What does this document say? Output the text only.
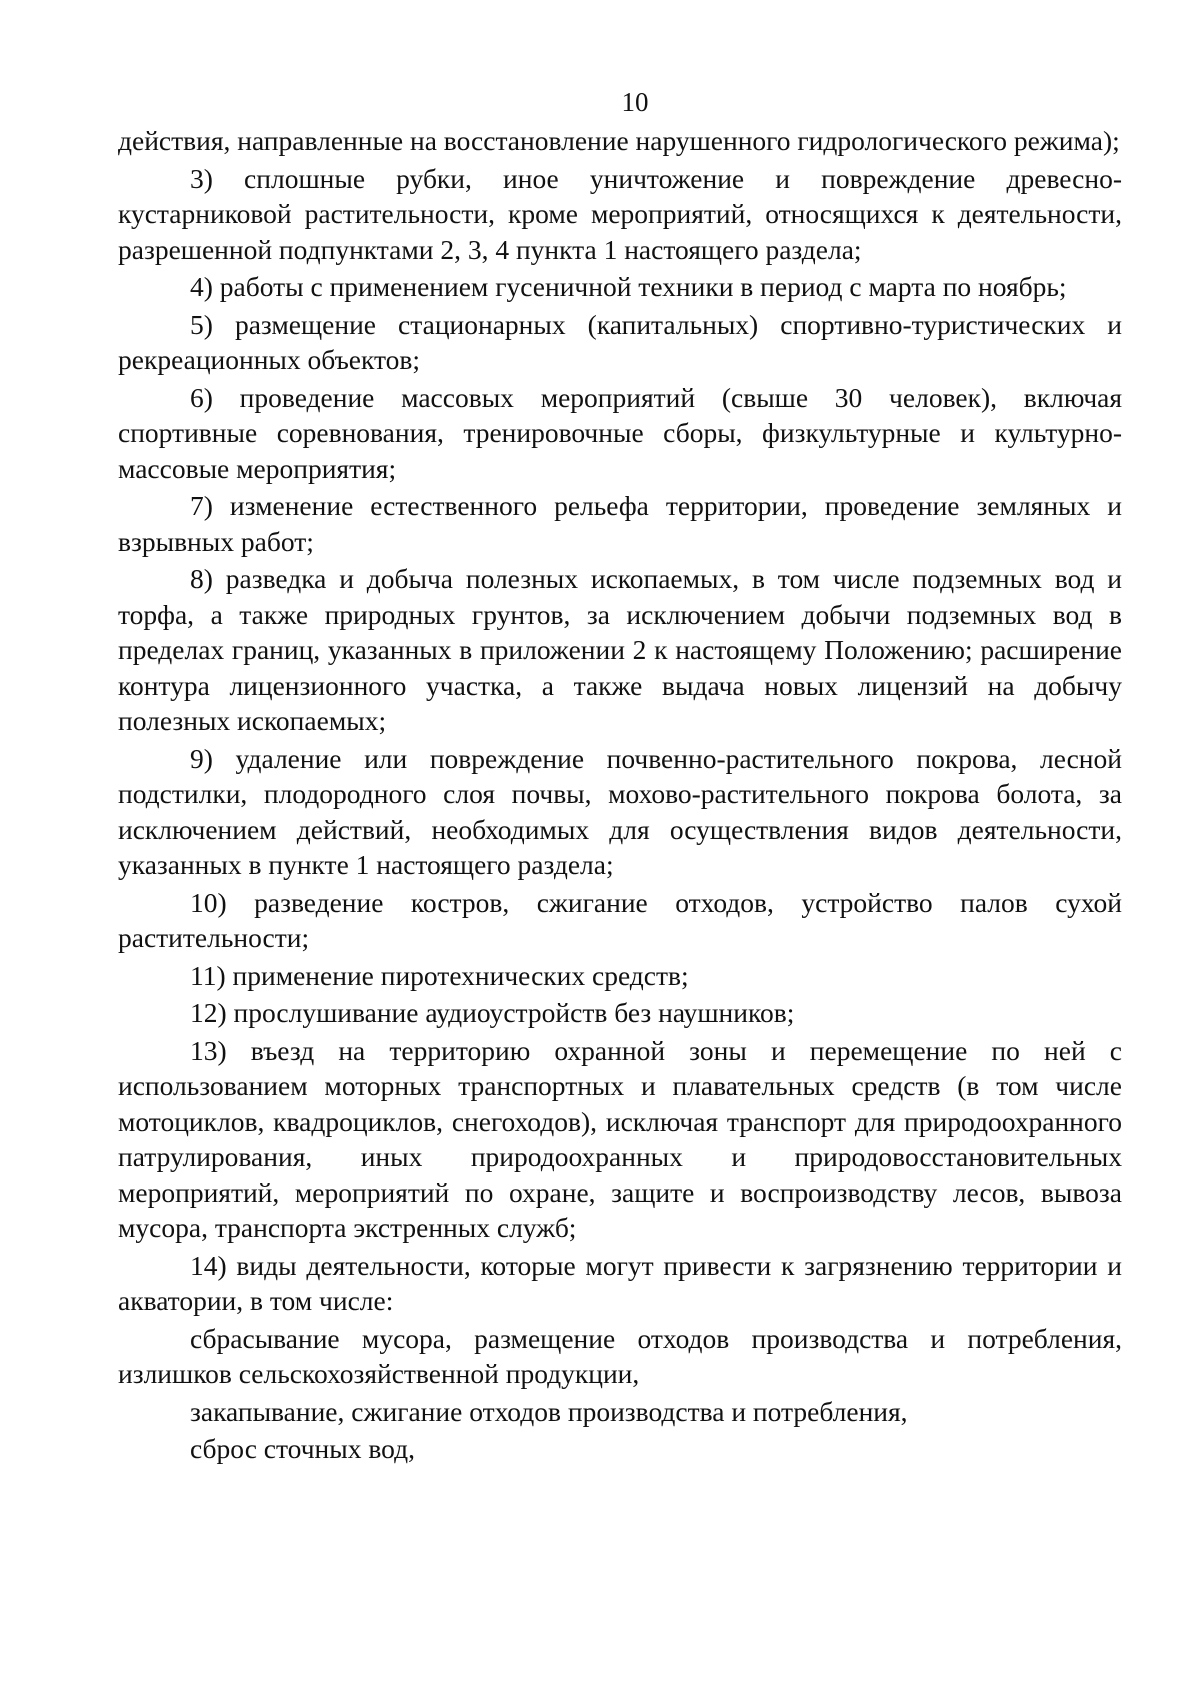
10

действия, направленные на восстановление нарушенного гидрологического режима);

3) сплошные рубки, иное уничтожение и повреждение древесно-кустарниковой растительности, кроме мероприятий, относящихся к деятельности, разрешенной подпунктами 2, 3, 4 пункта 1 настоящего раздела;

4) работы с применением гусеничной техники в период с марта по ноябрь;

5) размещение стационарных (капитальных) спортивно-туристических и рекреационных объектов;

6) проведение массовых мероприятий (свыше 30 человек), включая спортивные соревнования, тренировочные сборы, физкультурные и культурно-массовые мероприятия;

7) изменение естественного рельефа территории, проведение земляных и взрывных работ;

8) разведка и добыча полезных ископаемых, в том числе подземных вод и торфа, а также природных грунтов, за исключением добычи подземных вод в пределах границ, указанных в приложении 2 к настоящему Положению; расширение контура лицензионного участка, а также выдача новых лицензий на добычу полезных ископаемых;

9) удаление или повреждение почвенно-растительного покрова, лесной подстилки, плодородного слоя почвы, мохово-растительного покрова болота, за исключением действий, необходимых для осуществления видов деятельности, указанных в пункте 1 настоящего раздела;

10) разведение костров, сжигание отходов, устройство палов сухой растительности;

11) применение пиротехнических средств;

12) прослушивание аудиоустройств без наушников;

13) въезд на территорию охранной зоны и перемещение по ней с использованием моторных транспортных и плавательных средств (в том числе мотоциклов, квадроциклов, снегоходов), исключая транспорт для природоохранного патрулирования, иных природоохранных и природовосстановительных мероприятий, мероприятий по охране, защите и воспроизводству лесов, вывоза мусора, транспорта экстренных служб;

14) виды деятельности, которые могут привести к загрязнению территории и акватории, в том числе:

сбрасывание мусора, размещение отходов производства и потребления, излишков сельскохозяйственной продукции,

закапывание, сжигание отходов производства и потребления,

сброс сточных вод,
